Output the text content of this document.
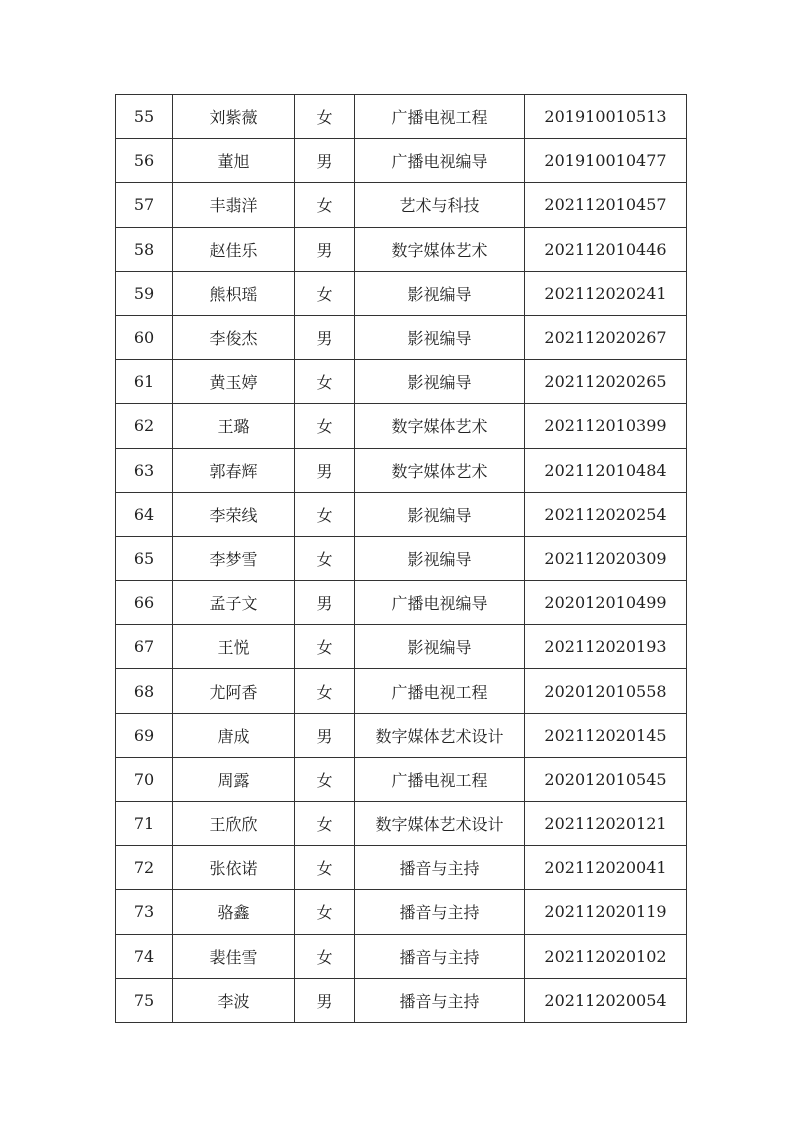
55	刘紫薇	女	广播电视工程	201910010513
56	董旭	男	广播电视编导	201910010477
57	丰翡洋	女	艺术与科技	202112010457
58	赵佳乐	男	数字媒体艺术	202112010446
59	熊枳瑶	女	影视编导	202112020241
60	李俊杰	男	影视编导	202112020267
61	黄玉婷	女	影视编导	202112020265
62	王璐	女	数字媒体艺术	202112010399
63	郭春辉	男	数字媒体艺术	202112010484
64	李荣线	女	影视编导	202112020254
65	李梦雪	女	影视编导	202112020309
66	孟子文	男	广播电视编导	202012010499
67	王悦	女	影视编导	202112020193
68	尤阿香	女	广播电视工程	202012010558
69	唐成	男	数字媒体艺术设计	202112020145
70	周露	女	广播电视工程	202012010545
71	王欣欣	女	数字媒体艺术设计	202112020121
72	张依诺	女	播音与主持	202112020041
73	骆鑫	女	播音与主持	202112020119
74	裴佳雪	女	播音与主持	202112020102
75	李波	男	播音与主持	202112020054
